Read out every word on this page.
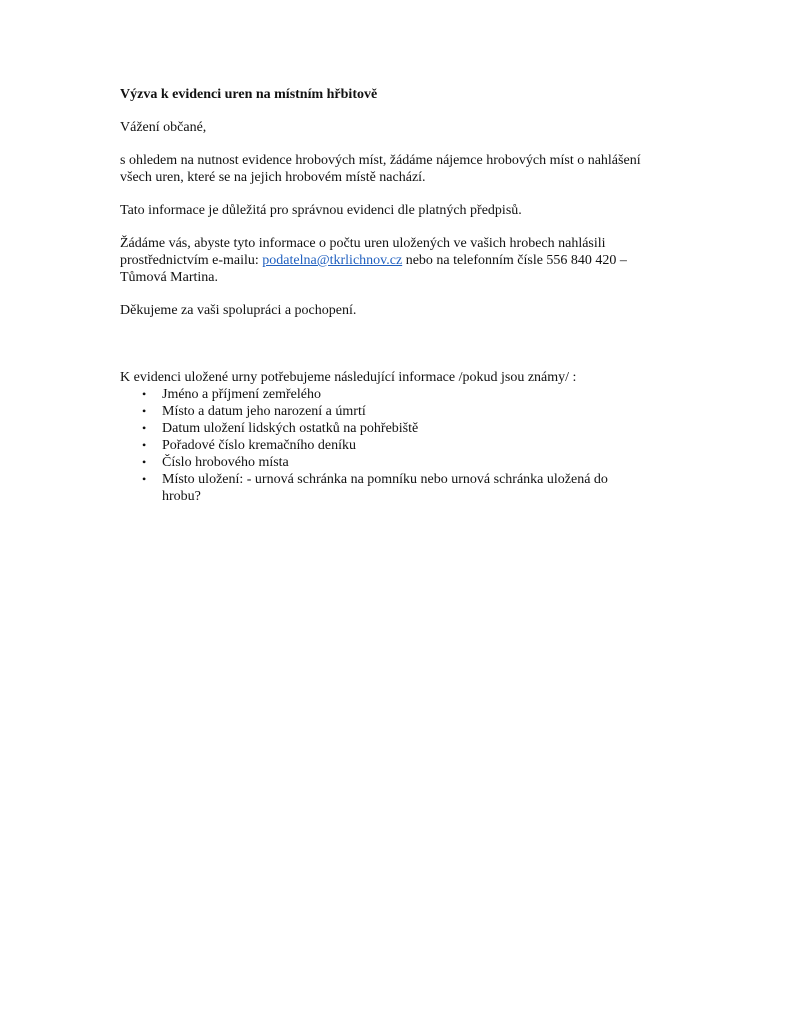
Výzva k evidenci uren na místním hřbitově

Vážení občané,

s ohledem na nutnost evidence hrobových míst, žádáme nájemce hrobových míst o nahlášení všech uren, které se na jejich hrobovém místě nachází.

Tato informace je důležitá pro správnou evidenci dle platných předpisů.

Žádáme vás, abyste tyto informace o počtu uren uložených ve vašich hrobech nahlásili prostřednictvím e-mailu: podatelna@tkrlichnov.cz nebo na telefonním čísle 556 840 420 – Tůmová Martina.

Děkujeme za vaši spolupráci a pochopení.

K evidenci uložené urny potřebujeme následující informace /pokud jsou známy/ :

• Jméno a příjmení zemřelého
• Místo a datum jeho narození a úmrtí
• Datum uložení lidských ostatků na pohřebiště
• Pořadové číslo kremačního deníku
• Číslo hrobového místa
• Místo uložení: - urnová schránka na pomníku nebo urnová schránka uložená do hrobu?
